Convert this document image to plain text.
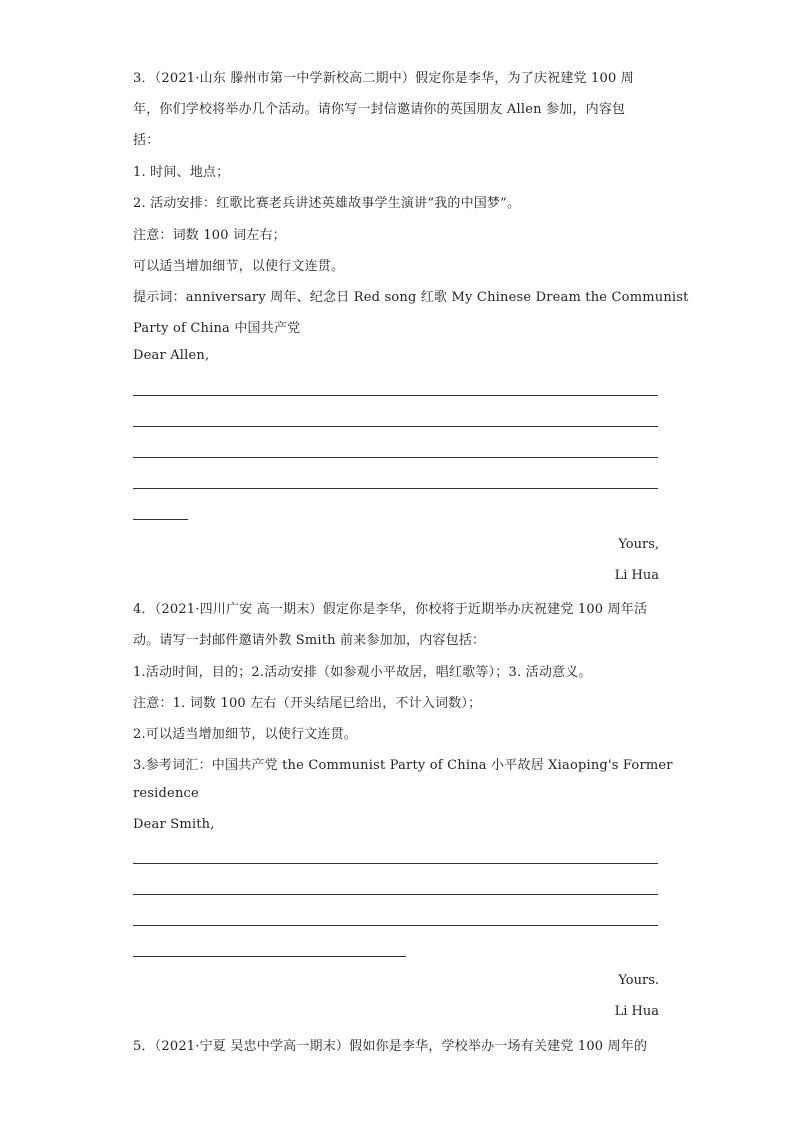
3．（2021·山东 滕州市第一中学新校高二期中）假定你是李华，为了庆祝建党 100 周
年，你们学校将举办几个活动。请你写一封信邀请你的英国朋友 Allen 参加，内容包
括：
1. 时间、地点；
2. 活动安排：红歌比赛老兵讲述英雄故事学生演讲“我的中国梦”。
注意：词数 100 词左右；
可以适当增加细节，以使行文连贯。
提示词：anniversary 周年、纪念日 Red song 红歌 My Chinese Dream the Communist
Party of China 中国共产党
Dear Allen,
Yours,
Li Hua
4．（2021·四川广安 高一期末）假定你是李华，你校将于近期举办庆祝建党 100 周年活
动。请写一封邮件邀请外教 Smith 前来参加加，内容包括：
1.活动时间，目的；2.活动安排（如参观小平故居，唱红歌等）；3. 活动意义。
注意：1. 词数 100 左右（开头结尾已给出，不计入词数）；
2.可以适当增加细节，以使行文连贯。
3.参考词汇：中国共产党 the Communist Party of China 小平故居 Xiaoping's Former
residence
Dear Smith,
Yours.
Li Hua
5．（2021·宁夏 吴忠中学高一期末）假如你是李华，学校举办一场有关建党 100 周年的
